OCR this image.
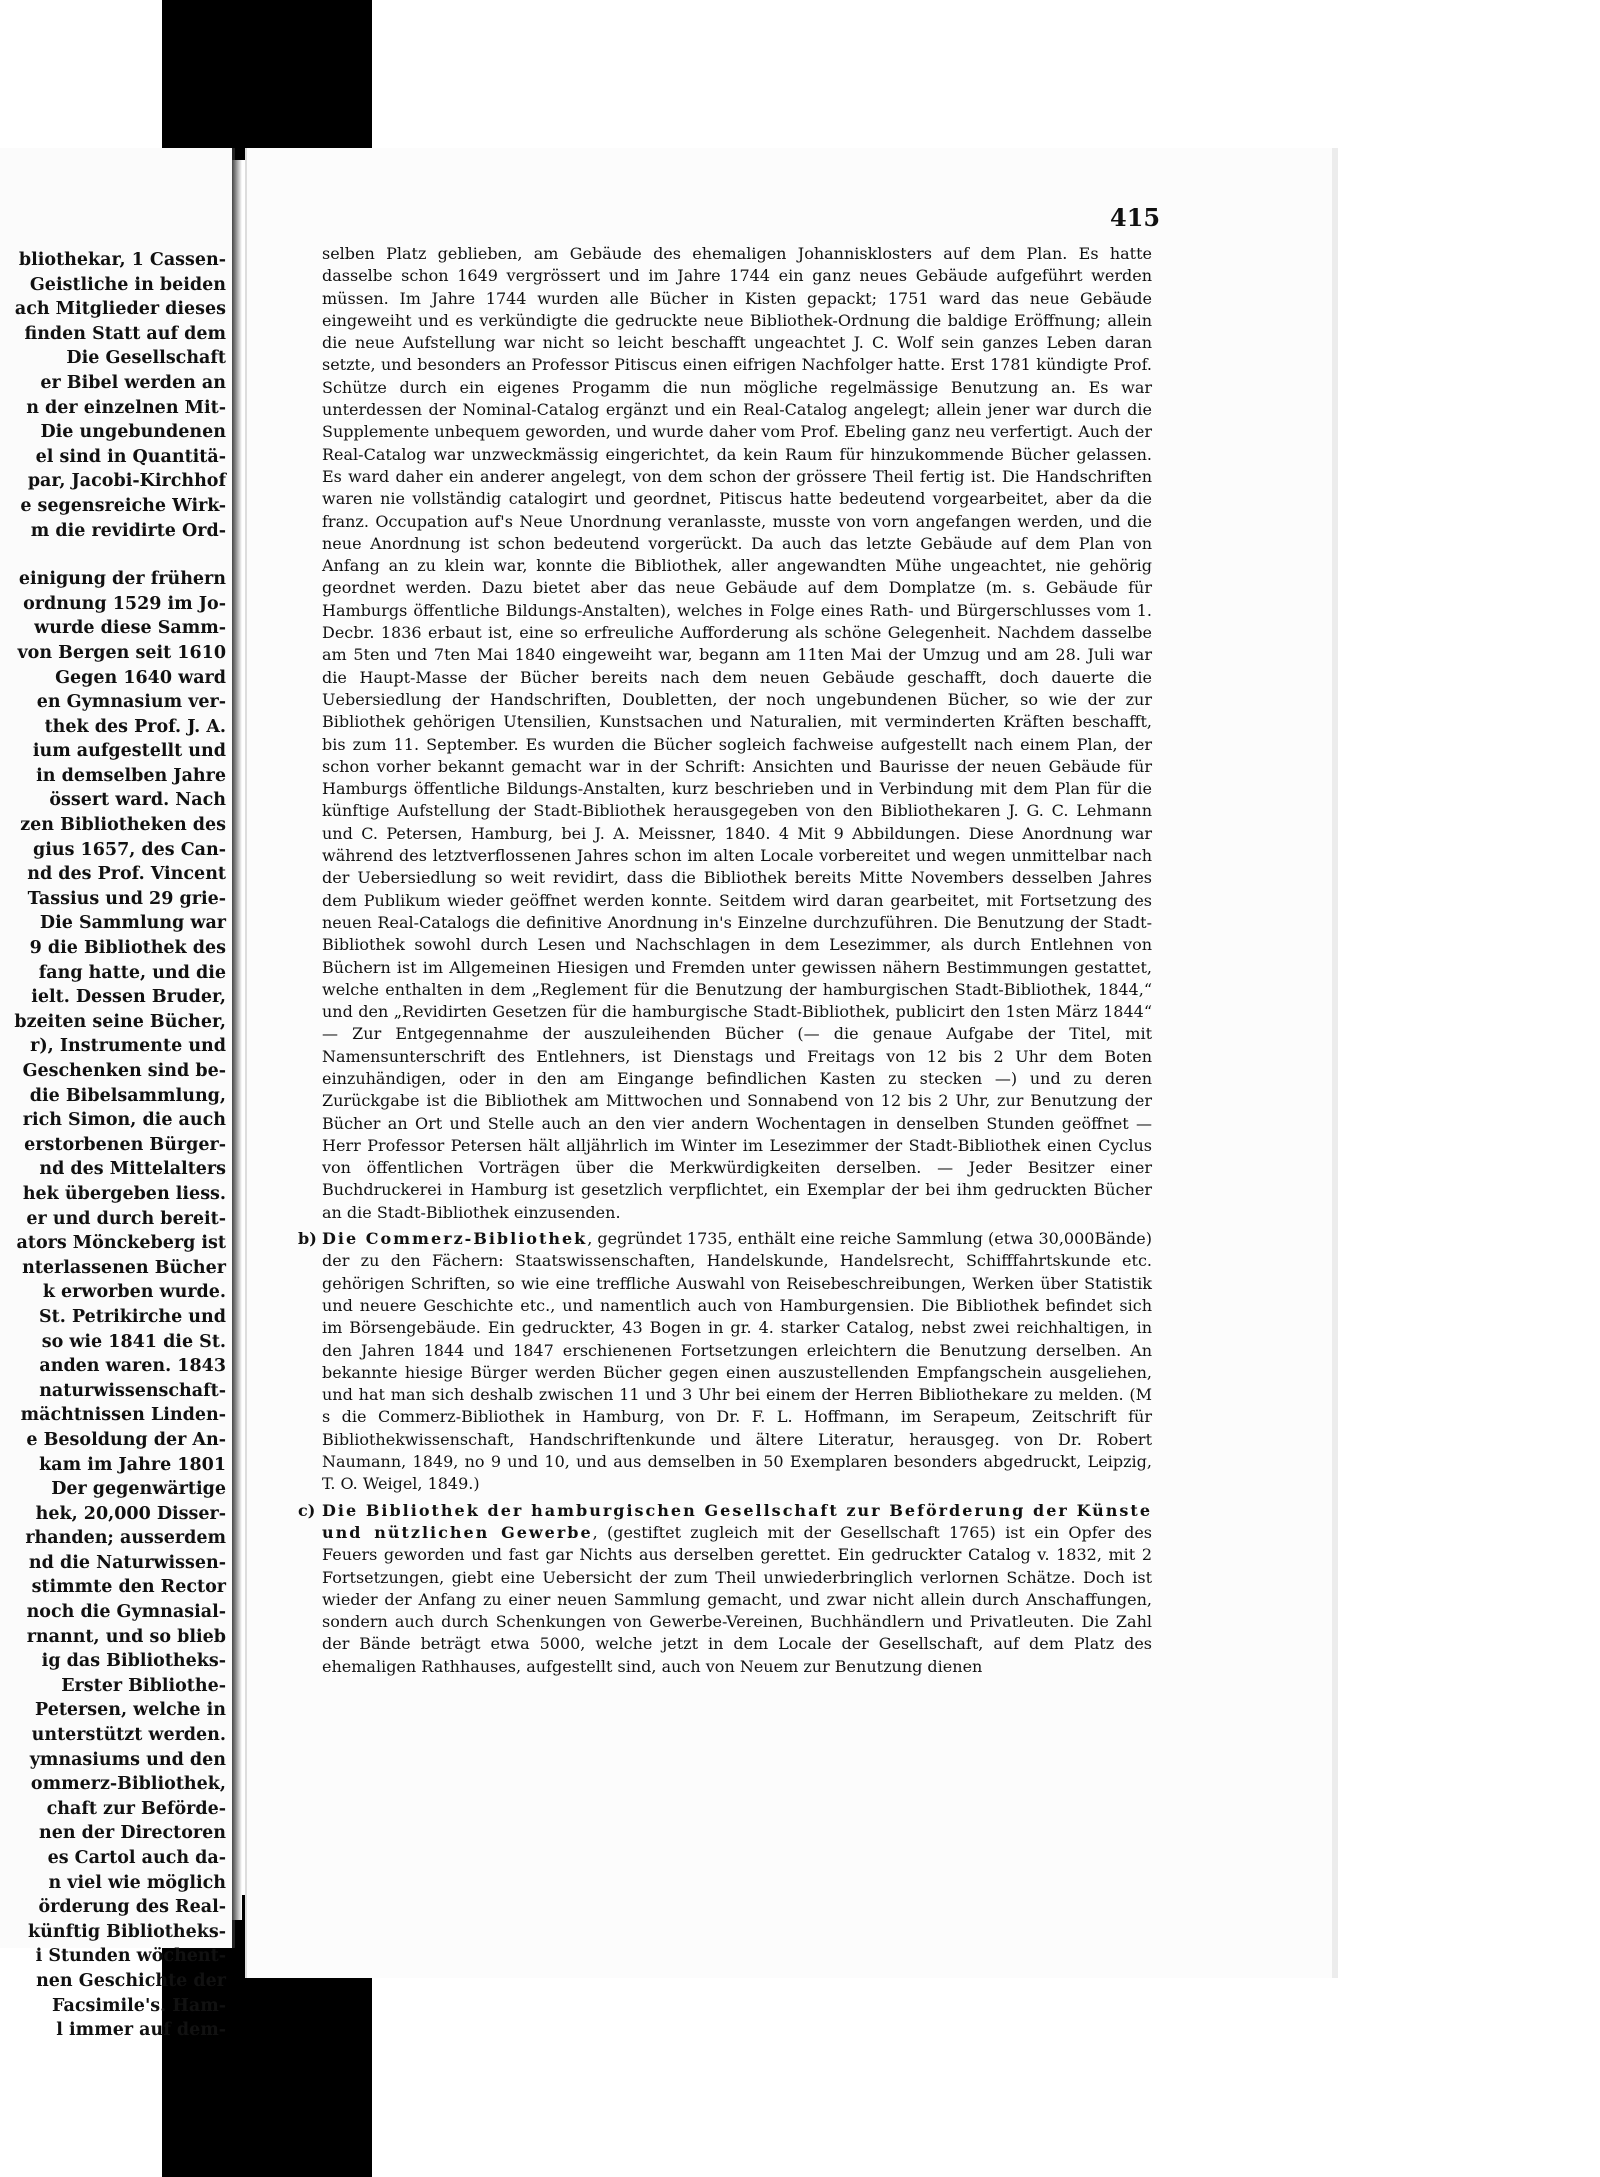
bliothekar, 1 Cassen-
Geistliche in beiden
ach Mitglieder dieses
finden Statt auf dem
Die Gesellschaft
er Bibel werden an
n der einzelnen Mit-
Die ungebundenen
el sind in Quantitä-
par, Jacobi-Kirchhof
e segensreiche Wirk-
m die revidirte Ord-
einigung der frühern
ordnung 1529 im Jo-
wurde diese Samm-
von Bergen seit 1610
Gegen 1640 ward
en Gymnasium ver-
thek des Prof. J. A.
ium aufgestellt und
in demselben Jahre
össert ward. Nach
zen Bibliotheken des
gius 1657, des Can-
nd des Prof. Vincent
Tassius und 29 grie-
Die Sammlung war
9 die Bibliothek des
fang hatte, und die
ielt. Dessen Bruder,
bzeiten seine Bücher,
r), Instrumente und
Geschenken sind be-
die Bibelsammlung,
rich Simon, die auch
erstorbenen Bürger-
nd des Mittelalters
hek übergeben liess.
er und durch bereit-
ators Mönckeberg ist
nterlassenen Bücher
k erworben wurde.
St. Petrikirche und
so wie 1841 die St.
anden waren. 1843
naturwissenschaft-
mächtnissen Linden-
e Besoldung der An-
kam im Jahre 1801
Der gegenwärtige
hek, 20,000 Disser-
rhanden; ausserdem
nd die Naturwissen-
stimmte den Rector
noch die Gymnasial-
rnannt, und so blieb
ig das Bibliotheks-
Erster Bibliothe-
Petersen, welche in
unterstützt werden.
ymnasiums und den
ommerz-Bibliothek,
chaft zur Beförde-
nen der Directoren
es Cartol auch da-
n viel wie möglich
örderung des Real-
künftig Bibliotheks-
i Stunden wöchent-
nen Geschichte der
Facsimile's. Ham-
l immer auf dem-
415

selben Platz geblieben, am Gebäude des ehemaligen Johannisklosters auf dem Plan. Es hatte dasselbe schon 1649 vergrössert und im Jahre 1744 ein ganz neues Gebäude aufgeführt werden müssen. Im Jahre 1744 wurden alle Bücher in Kisten gepackt; 1751 ward das neue Gebäude eingeweiht und es verkündigte die gedruckte neue Bibliothek-Ordnung die baldige Eröffnung; allein die neue Aufstellung war nicht so leicht beschafft ungeachtet J. C. Wolf sein ganzes Leben daran setzte, und besonders an Professor Pitiscus einen eifrigen Nachfolger hatte. Erst 1781 kündigte Prof. Schütze durch ein eigenes Progamm die nun mögliche regelmässige Benutzung an. Es war unterdessen der Nominal-Catalog ergänzt und ein Real-Catalog angelegt; allein jener war durch die Supplemente unbequem geworden, und wurde daher vom Prof. Ebeling ganz neu verfertigt. Auch der Real-Catalog war unzweckmässig eingerichtet, da kein Raum für hinzukommende Bücher gelassen. Es ward daher ein anderer angelegt, von dem schon der grössere Theil fertig ist. Die Handschriften waren nie vollständig catalogirt und geordnet, Pitiscus hatte bedeutend vorgearbeitet, aber da die franz. Occupation auf's Neue Unordnung veranlasste, musste von vorn angefangen werden, und die neue Anordnung ist schon bedeutend vorgerückt. Da auch das letzte Gebäude auf dem Plan von Anfang an zu klein war, konnte die Bibliothek, aller angewandten Mühe ungeachtet, nie gehörig geordnet werden. Dazu bietet aber das neue Gebäude auf dem Domplatze (m. s. Gebäude für Hamburgs öffentliche Bildungs-Anstalten), welches in Folge eines Rath- und Bürgerschlusses vom 1. Decbr. 1836 erbaut ist, eine so erfreuliche Aufforderung als schöne Gelegenheit. Nachdem dasselbe am 5ten und 7ten Mai 1840 eingeweiht war, begann am 11ten Mai der Umzug und am 28. Juli war die Haupt-Masse der Bücher bereits nach dem neuen Gebäude geschafft, doch dauerte die Uebersiedlung der Handschriften, Doubletten, der noch ungebundenen Bücher, so wie der zur Bibliothek gehörigen Utensilien, Kunstsachen und Naturalien, mit verminderten Kräften beschafft, bis zum 11. September. Es wurden die Bücher sogleich fachweise aufgestellt nach einem Plan, der schon vorher bekannt gemacht war in der Schrift: Ansichten und Baurisse der neuen Gebäude für Hamburgs öffentliche Bildungs-Anstalten, kurz beschrieben und in Verbindung mit dem Plan für die künftige Aufstellung der Stadt-Bibliothek herausgegeben von den Bibliothekaren J. G. C. Lehmann und C. Petersen, Hamburg, bei J. A. Meissner, 1840. 4 Mit 9 Abbildungen. Diese Anordnung war während des letztverflossenen Jahres schon im alten Locale vorbereitet und wegen unmittelbar nach der Uebersiedlung so weit revidirt, dass die Bibliothek bereits Mitte Novembers desselben Jahres dem Publikum wieder geöffnet werden konnte. Seitdem wird daran gearbeitet, mit Fortsetzung des neuen Real-Catalogs die definitive Anordnung in's Einzelne durchzuführen. Die Benutzung der Stadt-Bibliothek sowohl durch Lesen und Nachschlagen in dem Lesezimmer, als durch Entlehnen von Büchern ist im Allgemeinen Hiesigen und Fremden unter gewissen nähern Bestimmungen gestattet, welche enthalten in dem „Reglement für die Benutzung der hamburgischen Stadt-Bibliothek, 1844,“ und den „Revidirten Gesetzen für die hamburgische Stadt-Bibliothek, publicirt den 1sten März 1844“ — Zur Entgegennahme der auszuleihenden Bücher (— die genaue Aufgabe der Titel, mit Namensunterschrift des Entlehners, ist Dienstags und Freitags von 12 bis 2 Uhr dem Boten einzuhändigen, oder in den am Eingange befindlichen Kasten zu stecken —) und zu deren Zurückgabe ist die Bibliothek am Mittwochen und Sonnabend von 12 bis 2 Uhr, zur Benutzung der Bücher an Ort und Stelle auch an den vier andern Wochentagen in denselben Stunden geöffnet — Herr Professor Petersen hält alljährlich im Winter im Lesezimmer der Stadt-Bibliothek einen Cyclus von öffentlichen Vorträgen über die Merkwürdigkeiten derselben. — Jeder Besitzer einer Buchdruckerei in Hamburg ist gesetzlich verpflichtet, ein Exemplar der bei ihm gedruckten Bücher an die Stadt-Bibliothek einzusenden.

b) Die Commerz-Bibliothek, gegründet 1735, enthält eine reiche Sammlung (etwa 30,000Bände) der zu den Fächern: Staatswissenschaften, Handelskunde, Handelsrecht, Schifffahrtskunde etc. gehörigen Schriften, so wie eine treffliche Auswahl von Reisebeschreibungen, Werken über Statistik und neuere Geschichte etc., und namentlich auch von Hamburgensien. Die Bibliothek befindet sich im Börsengebäude. Ein gedruckter, 43 Bogen in gr. 4. starker Catalog, nebst zwei reichhaltigen, in den Jahren 1844 und 1847 erschienenen Fortsetzungen erleichtern die Benutzung derselben. An bekannte hiesige Bürger werden Bücher gegen einen auszustellenden Empfangschein ausgeliehen, und hat man sich deshalb zwischen 11 und 3 Uhr bei einem der Herren Bibliothekare zu melden. (M s die Commerz-Bibliothek in Hamburg, von Dr. F. L. Hoffmann, im Serapeum, Zeitschrift für Bibliothekwissenschaft, Handschriftenkunde und ältere Literatur, herausgeg. von Dr. Robert Naumann, 1849, no 9 und 10, und aus demselben in 50 Exemplaren besonders abgedruckt, Leipzig, T. O. Weigel, 1849.)
c) Die Bibliothek der hamburgischen Gesellschaft zur Beförderung der Künste und nützlichen Gewerbe, (gestiftet zugleich mit der Gesellschaft 1765) ist ein Opfer des Feuers geworden und fast gar Nichts aus derselben gerettet. Ein gedruckter Catalog v. 1832, mit 2 Fortsetzungen, giebt eine Uebersicht der zum Theil unwiederbringlich verlornen Schätze. Doch ist wieder der Anfang zu einer neuen Sammlung gemacht, und zwar nicht allein durch Anschaffungen, sondern auch durch Schenkungen von Gewerbe-Vereinen, Buchhändlern und Privatleuten. Die Zahl der Bände beträgt etwa 5000, welche jetzt in dem Locale der Gesellschaft, auf dem Platz des ehemaligen Rathhauses, aufgestellt sind, auch von Neuem zur Benutzung dienen
